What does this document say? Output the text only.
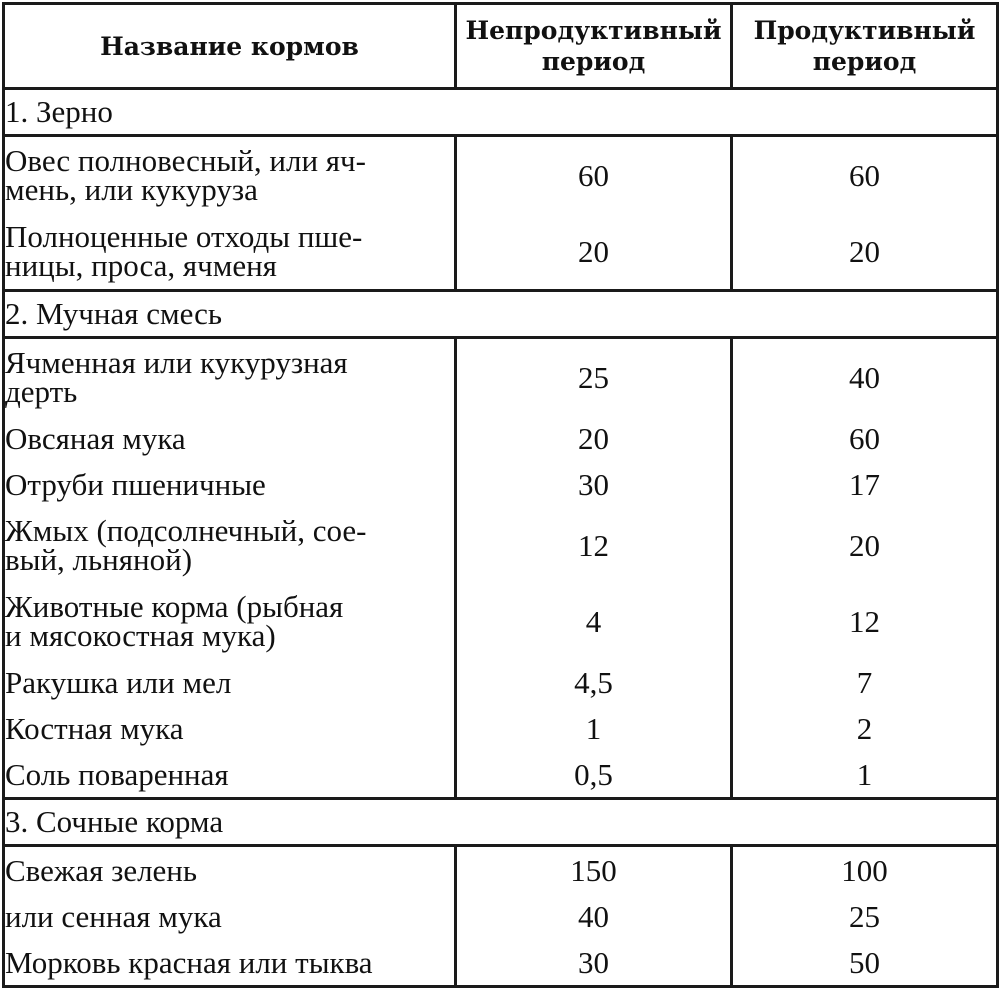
Название кормов	Непродуктивный период	Продуктивный период
1. Зерно		
Овес полновесный, или яч-
мень, или кукуруза	60	60
Полноценные отходы пше-
ницы, проса, ячменя	20	20
2. Мучная смесь		
Ячменная или кукурузная
дерть	25	40
Овсяная мука	20	60
Отруби пшеничные	30	17
Жмых (подсолнечный, сое-
вый, льняной)	12	20
Животные корма (рыбная
и мясокостная мука)	4	12
Ракушка или мел	4,5	7
Костная мука	1	2
Соль поваренная	0,5	1
3. Сочные корма		
Свежая зелень	150	100
или сенная мука	40	25
Морковь красная или тыква	30	50
